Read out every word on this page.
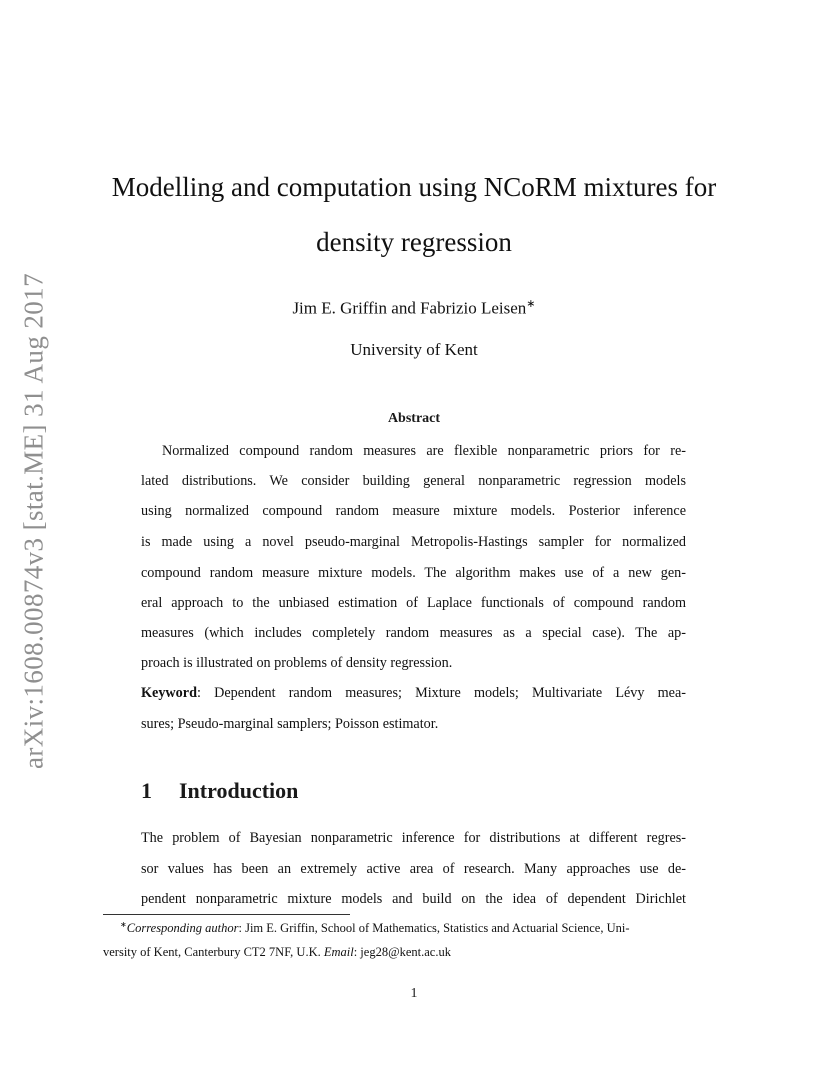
arXiv:1608.00874v3 [stat.ME] 31 Aug 2017
Modelling and computation using NCoRM mixtures for
density regression
Jim E. Griffin and Fabrizio Leisen∗
University of Kent
Abstract
Normalized compound random measures are flexible nonparametric priors for re-
lated distributions. We consider building general nonparametric regression models
using normalized compound random measure mixture models. Posterior inference
is made using a novel pseudo-marginal Metropolis-Hastings sampler for normalized
compound random measure mixture models. The algorithm makes use of a new gen-
eral approach to the unbiased estimation of Laplace functionals of compound random
measures (which includes completely random measures as a special case). The ap-
proach is illustrated on problems of density regression.
Keyword: Dependent random measures; Mixture models; Multivariate Lévy mea-
sures; Pseudo-marginal samplers; Poisson estimator.
1 Introduction
The problem of Bayesian nonparametric inference for distributions at different regres-
sor values has been an extremely active area of research. Many approaches use de-
pendent nonparametric mixture models and build on the idea of dependent Dirichlet
∗Corresponding author: Jim E. Griffin, School of Mathematics, Statistics and Actuarial Science, Uni-
versity of Kent, Canterbury CT2 7NF, U.K. Email: jeg28@kent.ac.uk
1
